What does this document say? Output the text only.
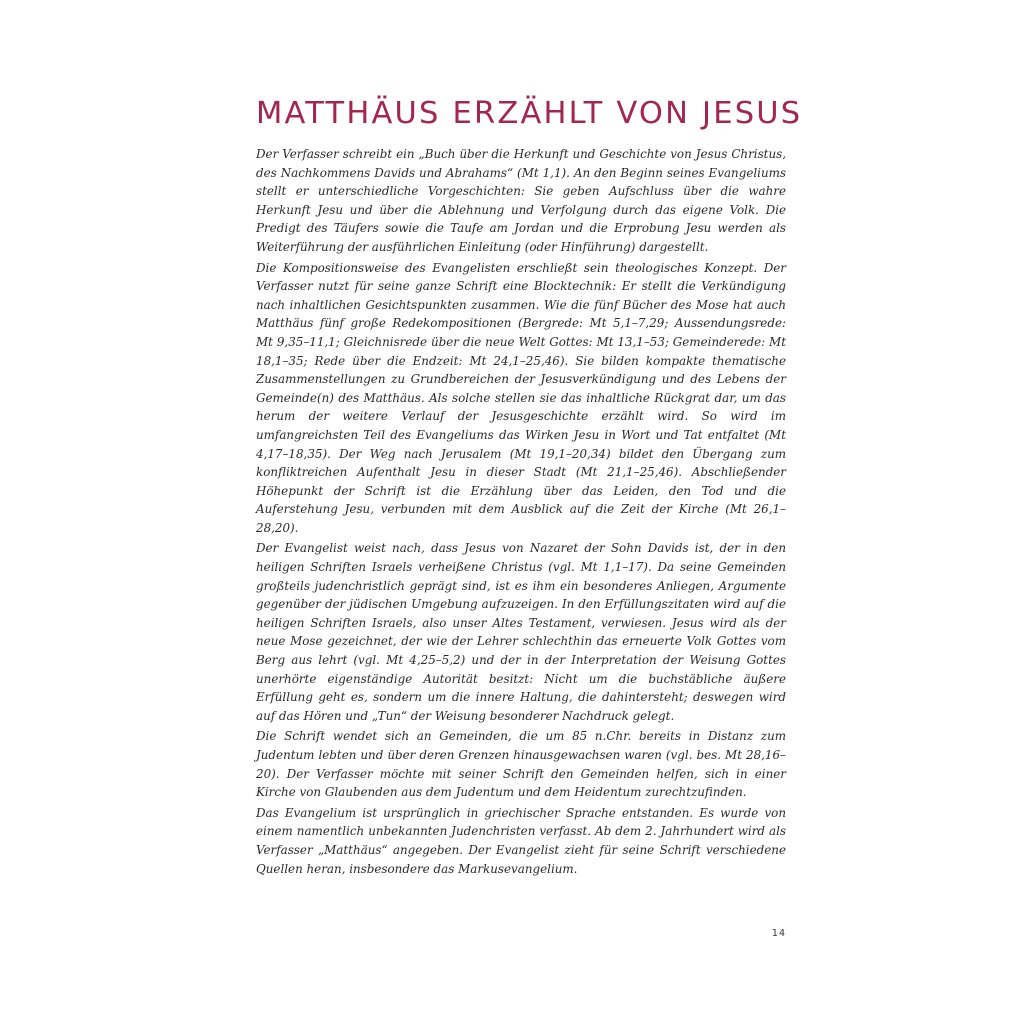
MATTHÄUS ERZÄHLT VON JESUS

Der Verfasser schreibt ein „Buch über die Herkunft und Geschichte von Jesus Christus, des Nachkommens Davids und Abrahams“ (Mt 1,1). An den Beginn seines Evangeliums stellt er unterschiedliche Vorgeschichten: Sie geben Aufschluss über die wahre Herkunft Jesu und über die Ablehnung und Verfolgung durch das eigene Volk. Die Predigt des Täufers sowie die Taufe am Jordan und die Erprobung Jesu werden als Weiterführung der ausführlichen Einleitung (oder Hinführung) dargestellt.

Die Kompositionsweise des Evangelisten erschließt sein theologisches Konzept. Der Verfasser nutzt für seine ganze Schrift eine Blocktechnik: Er stellt die Verkündigung nach inhaltlichen Gesichtspunkten zusammen. Wie die fünf Bücher des Mose hat auch Matthäus fünf große Redekompositionen (Bergrede: Mt 5,1–7,29; Aussendungsrede: Mt 9,35–11,1; Gleichnisrede über die neue Welt Gottes: Mt 13,1–53; Gemeinderede: Mt 18,1–35; Rede über die Endzeit: Mt 24,1–25,46). Sie bilden kompakte thematische Zusammenstellungen zu Grundbereichen der Jesusverkündigung und des Lebens der Gemeinde(n) des Matthäus. Als solche stellen sie das inhaltliche Rückgrat dar, um das herum der weitere Verlauf der Jesusgeschichte erzählt wird. So wird im umfangreichsten Teil des Evangeliums das Wirken Jesu in Wort und Tat entfaltet (Mt 4,17–18,35). Der Weg nach Jerusalem (Mt 19,1–20,34) bildet den Übergang zum konfliktreichen Aufenthalt Jesu in dieser Stadt (Mt 21,1–25,46). Abschließender Höhepunkt der Schrift ist die Erzählung über das Leiden, den Tod und die Auferstehung Jesu, verbunden mit dem Ausblick auf die Zeit der Kirche (Mt 26,1–28,20).

Der Evangelist weist nach, dass Jesus von Nazaret der Sohn Davids ist, der in den heiligen Schriften Israels verheißene Christus (vgl. Mt 1,1–17). Da seine Gemeinden großteils judenchristlich geprägt sind, ist es ihm ein besonderes Anliegen, Argumente gegenüber der jüdischen Umgebung aufzuzeigen. In den Erfüllungszitaten wird auf die heiligen Schriften Israels, also unser Altes Testament, verwiesen. Jesus wird als der neue Mose gezeichnet, der wie der Lehrer schlechthin das erneuerte Volk Gottes vom Berg aus lehrt (vgl. Mt 4,25–5,2) und der in der Interpretation der Weisung Gottes unerhörte eigenständige Autorität besitzt: Nicht um die buchstäbliche äußere Erfüllung geht es, sondern um die innere Haltung, die dahintersteht; deswegen wird auf das Hören und „Tun“ der Weisung besonderer Nachdruck gelegt.

Die Schrift wendet sich an Gemeinden, die um 85 n.Chr. bereits in Distanz zum Judentum lebten und über deren Grenzen hinausgewachsen waren (vgl. bes. Mt 28,16–20). Der Verfasser möchte mit seiner Schrift den Gemeinden helfen, sich in einer Kirche von Glaubenden aus dem Judentum und dem Heidentum zurechtzufinden.

Das Evangelium ist ursprünglich in griechischer Sprache entstanden. Es wurde von einem namentlich unbekannten Judenchristen verfasst. Ab dem 2. Jahrhundert wird als Verfasser „Matthäus“ angegeben. Der Evangelist zieht für seine Schrift verschiedene Quellen heran, insbesondere das Markusevangelium.

14
